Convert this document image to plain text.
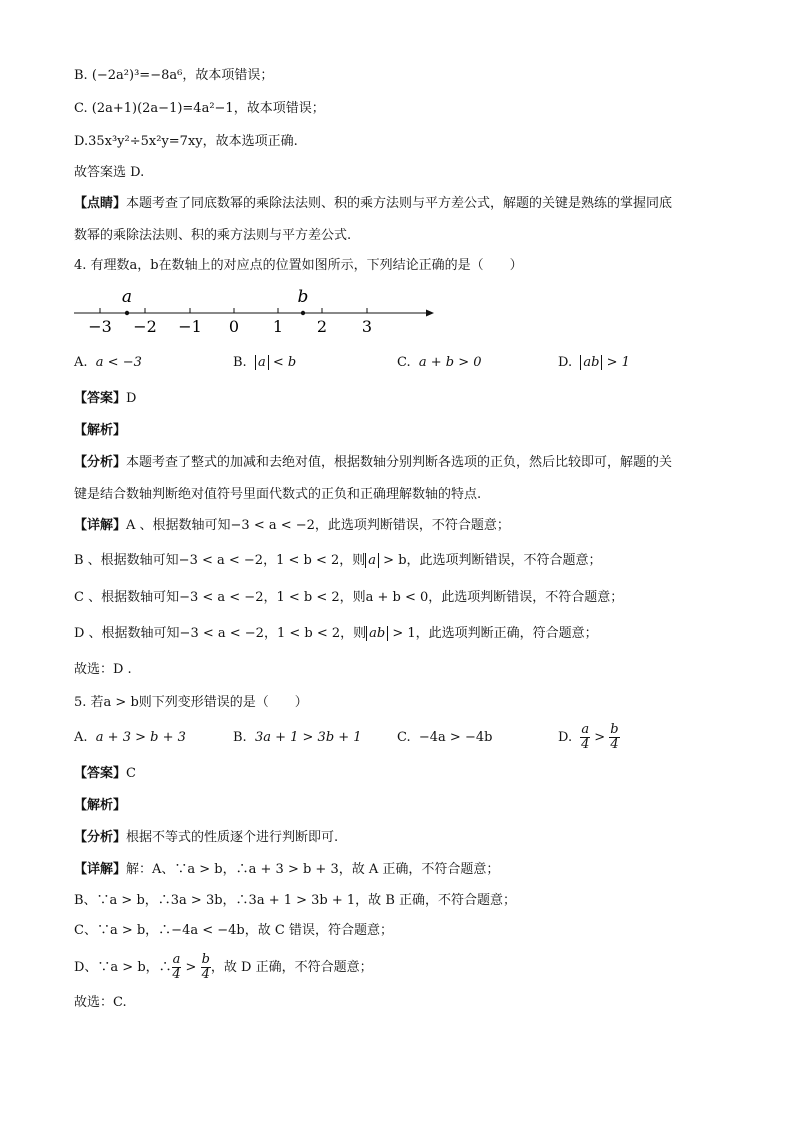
B. (−2a²)³=−8a⁶，故本项错误；
C. (2a+1)(2a−1)=4a²−1，故本项错误；
D.35x³y²÷5x²y=7xy，故本选项正确.
故答案选 D.
【点睛】本题考查了同底数幂的乘除法法则、积的乘方法则与平方差公式，解题的关键是熟练的掌握同底
数幂的乘除法法则、积的乘方法则与平方差公式.
4. 有理数a，b在数轴上的对应点的位置如图所示，下列结论正确的是（　　）
a	b
−3 −2 −1 0 1 2 3
A. a < −3	B. a < b	C. a + b > 0	D. ab > 1
【答案】D
【解析】
【分析】本题考查了整式的加减和去绝对值，根据数轴分别判断各选项的正负，然后比较即可，解题的关
键是结合数轴判断绝对值符号里面代数式的正负和正确理解数轴的特点.
【详解】A 、根据数轴可知−3 < a < −2，此选项判断错误，不符合题意；
B 、根据数轴可知−3 < a < −2，1 < b < 2，则 a > b，此选项判断错误，不符合题意；
C 、根据数轴可知−3 < a < −2，1 < b < 2，则a + b < 0，此选项判断错误，不符合题意；
D 、根据数轴可知−3 < a < −2，1 < b < 2，则 ab > 1，此选项判断正确，符合题意；
故选：D .
5. 若a > b则下列变形错误的是（　　）
A. a + 3 > b + 3	B. 3a + 1 > 3b + 1	C. −4a > −4b	D. $\frac{a}{4} > \frac{b}{4}$
【答案】C
【解析】
【分析】根据不等式的性质逐个进行判断即可.
【详解】解：A、∵a > b，∴a + 3 > b + 3，故 A 正确，不符合题意；
B、∵a > b，∴3a > 3b，∴3a + 1 > 3b + 1，故 B 正确，不符合题意；
C、∵a > b，∴−4a < −4b，故 C 错误，符合题意；
D、∵a > b，∴ $\frac{a}{4} > \frac{b}{4}$ ，故 D 正确，不符合题意；
故选：C.
